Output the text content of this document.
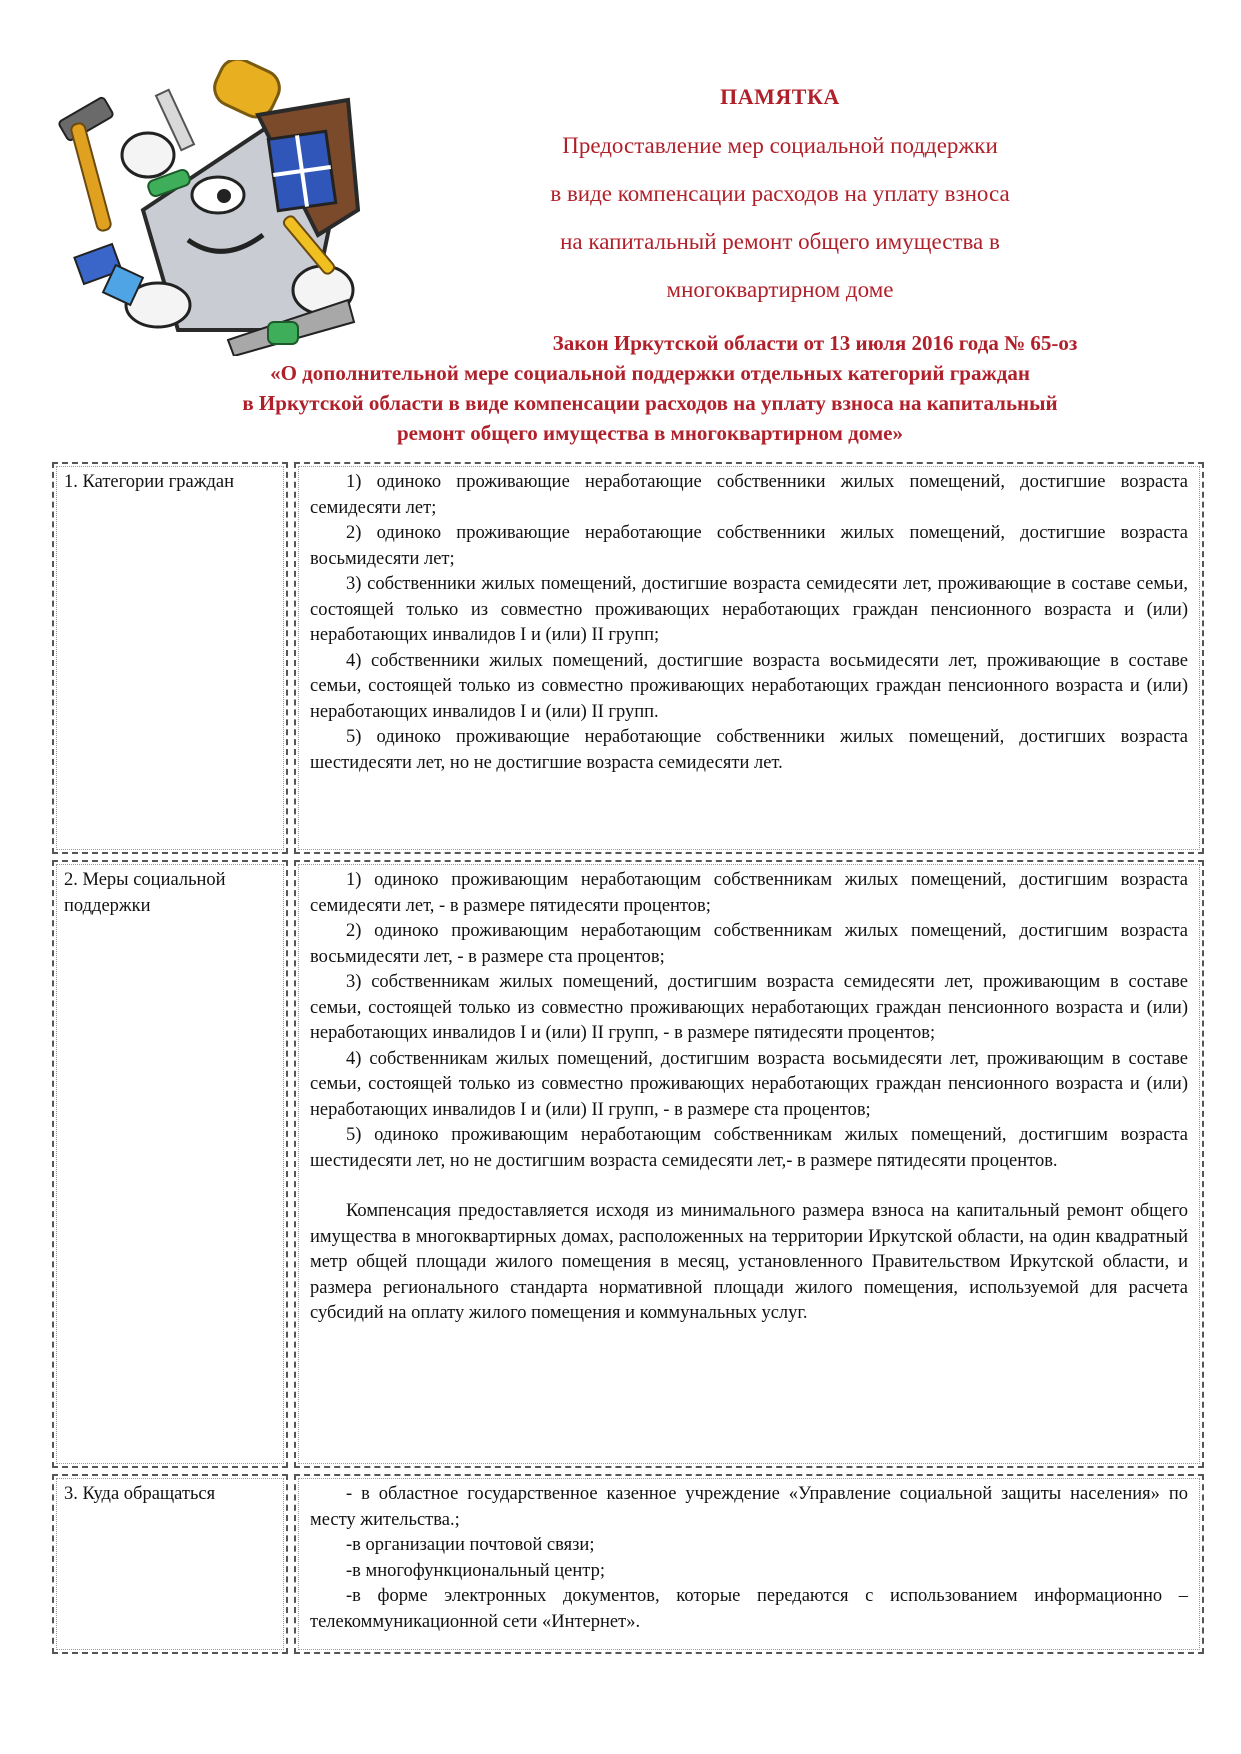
ПАМЯТКА
Предоставление мер социальной поддержки
в виде компенсации расходов на уплату взноса
на капитальный ремонт общего имущества в
многоквартирном доме
Закон Иркутской области от 13 июля 2016 года № 65-оз
«О дополнительной мере социальной поддержки отдельных категорий граждан
в Иркутской области в виде компенсации расходов на уплату взноса на капитальный
ремонт общего имущества в многоквартирном доме»
1. Категории граждан	1) одиноко проживающие неработающие собственники жилых помещений, достигшие возраста семидесяти лет;

2) одиноко проживающие неработающие собственники жилых помещений, достигшие возраста восьмидесяти лет;

3) собственники жилых помещений, достигшие возраста семидесяти лет, проживающие в составе семьи, состоящей только из совместно проживающих неработающих граждан пенсионного возраста и (или) неработающих инвалидов I и (или) II групп;

4) собственники жилых помещений, достигшие возраста восьмидесяти лет, проживающие в составе семьи, состоящей только из совместно проживающих неработающих граждан пенсионного возраста и (или) неработающих инвалидов I и (или) II групп.

5) одиноко проживающие неработающие собственники жилых помещений, достигших возраста шестидесяти лет, но не достигшие возраста семидесяти лет.

2. Меры социальной поддержки

1) одиноко проживающим неработающим собственникам жилых помещений, достигшим возраста семидесяти лет, - в размере пятидесяти процентов;

2) одиноко проживающим неработающим собственникам жилых помещений, достигшим возраста восьмидесяти лет, - в размере ста процентов;

3) собственникам жилых помещений, достигшим возраста семидесяти лет, проживающим в составе семьи, состоящей только из совместно проживающих неработающих граждан пенсионного возраста и (или) неработающих инвалидов I и (или) II групп, - в размере пятидесяти процентов;

4) собственникам жилых помещений, достигшим возраста восьмидесяти лет, проживающим в составе семьи, состоящей только из совместно проживающих неработающих граждан пенсионного возраста и (или) неработающих инвалидов I и (или) II групп, - в размере ста процентов;

5) одиноко проживающим неработающим собственникам жилых помещений, достигшим возраста шестидесяти лет, но не достигшим возраста семидесяти лет,- в размере пятидесяти процентов.

Компенсация предоставляется исходя из минимального размера взноса на капитальный ремонт общего имущества в многоквартирных домах, расположенных на территории Иркутской области, на один квадратный метр общей площади жилого помещения в месяц, установленного Правительством Иркутской области, и размера регионального стандарта нормативной площади жилого помещения, используемой для расчета субсидий на оплату жилого помещения и коммунальных услуг.

3. Куда обращаться	- в областное государственное казенное учреждение «Управление социальной защиты населения» по месту жительства.;

-в организации почтовой связи;

-в многофункциональный центр;

-в форме электронных документов, которые передаются с использованием информационно – телекоммуникационной сети «Интернет».
